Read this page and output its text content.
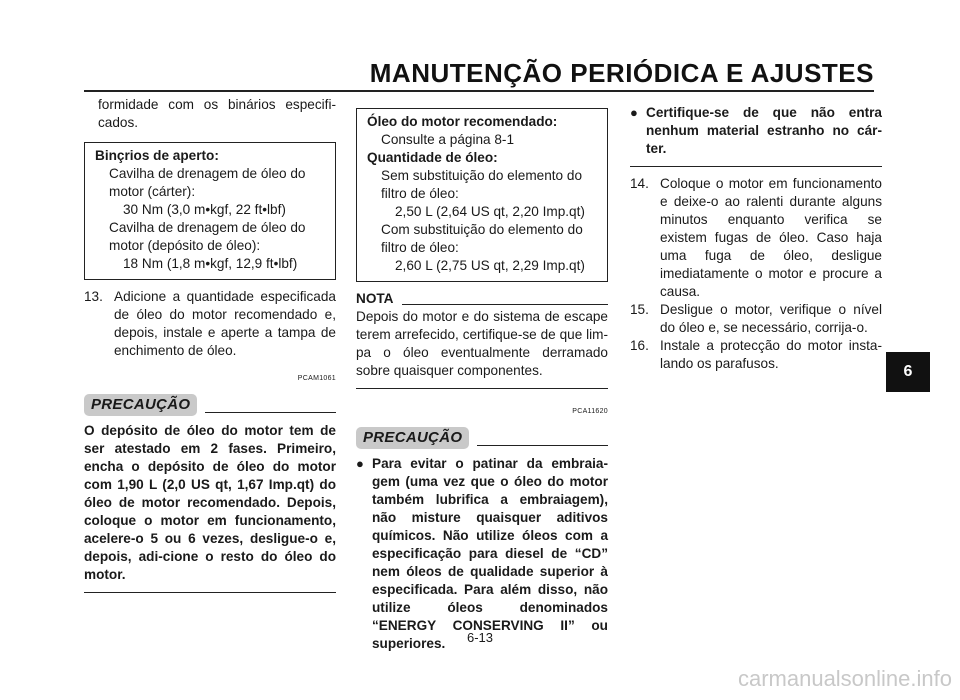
MANUTENÇÃO PERIÓDICA E AJUSTES
formidade com os binários especifi-cados.
Binçrios de aperto:
Cavilha de drenagem de óleo do
motor (cárter):
30 Nm (3,0 m•kgf, 22 ft•lbf)
Cavilha de drenagem de óleo do
motor (depósito de óleo):
18 Nm (1,8 m•kgf, 12,9 ft•lbf)
13. Adicione a quantidade especificada de óleo do motor recomendado e, depois, instale e aperte a tampa de enchimento de óleo.
PCAM1061
PRECAUÇÃO
O depósito de óleo do motor tem de ser atestado em 2 fases. Primeiro, encha o depósito de óleo do motor com 1,90 L (2,0 US qt, 1,67 Imp.qt) do óleo de motor recomendado. Depois, coloque o motor em funcionamento, acelere-o 5 ou 6 vezes, desligue-o e, depois, adi-cione o resto do óleo do motor.
Óleo do motor recomendado:
Consulte a página 8-1
Quantidade de óleo:
Sem substituição do elemento do
filtro de óleo:
2,50 L (2,64 US qt, 2,20 Imp.qt)
Com substituição do elemento do
filtro de óleo:
2,60 L (2,75 US qt, 2,29 Imp.qt)
NOTA
Depois do motor e do sistema de escape terem arrefecido, certifique-se de que lim-pa o óleo eventualmente derramado sobre quaisquer componentes.
PCA11620
PRECAUÇÃO
● Para evitar o patinar da embraia-gem (uma vez que o óleo do motor também lubrifica a embraiagem), não misture quaisquer aditivos químicos. Não utilize óleos com a especificação para diesel de “CD” nem óleos de qualidade superior à especificada. Para além disso, não utilize óleos denominados “ENERGY CONSERVING II” ou superiores.
● Certifique-se de que não entra nenhum material estranho no cár-ter.
14. Coloque o motor em funcionamento e deixe-o ao ralenti durante alguns minutos enquanto verifica se existem fugas de óleo. Caso haja uma fuga de óleo, desligue imediatamente o motor e procure a causa.
15. Desligue o motor, verifique o nível do óleo e, se necessário, corrija-o.
16. Instale a protecção do motor insta-lando os parafusos.	6
6-13
carmanualsonline.info
